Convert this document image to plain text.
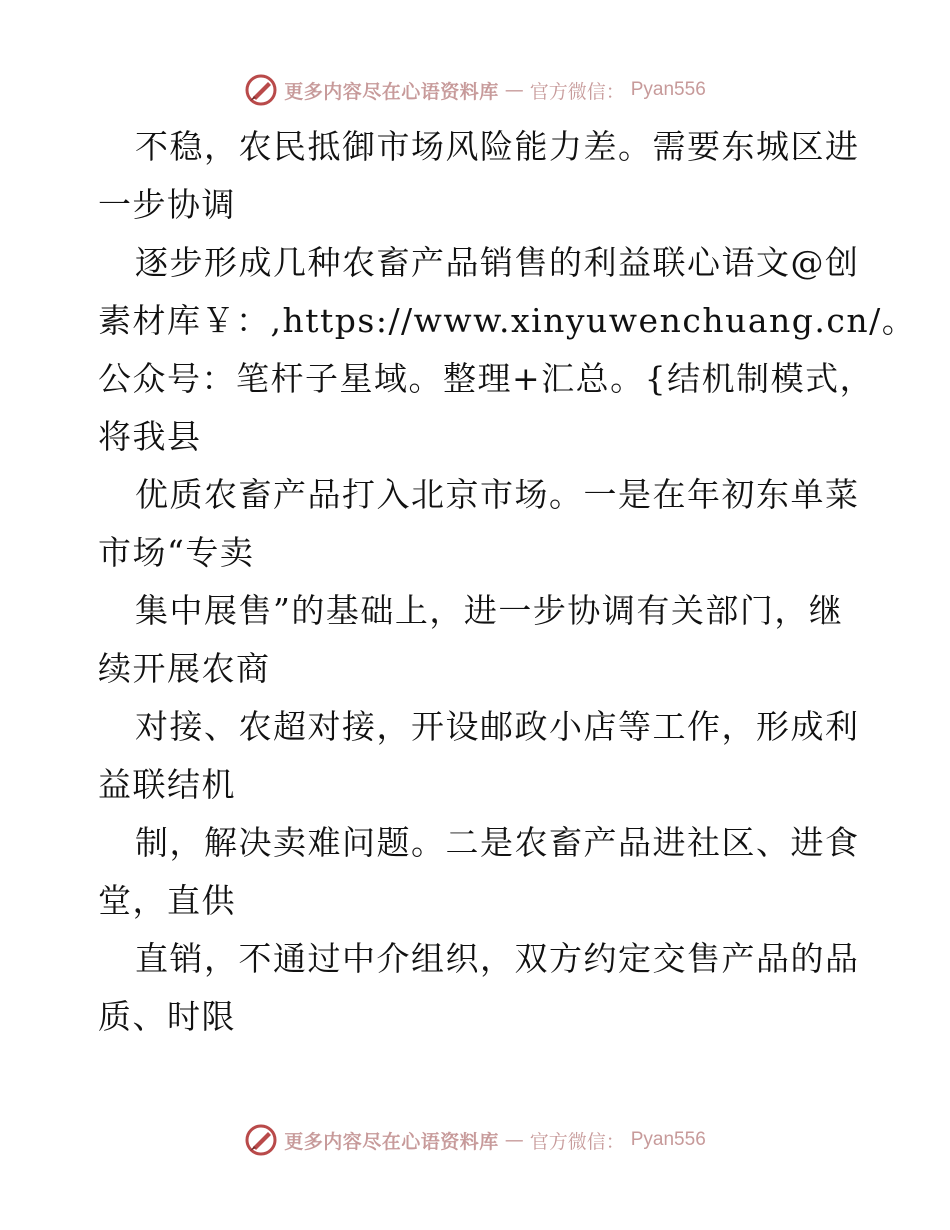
更多内容尽在心语资料库 — 官方微信： Pyan556
不稳，农民抵御市场风险能力差。需要东城区进
一步协调
逐步形成几种农畜产品销售的利益联心语文@创
素材库￥：,https://www.xinyuwenchuang.cn/。
公众号：笔杆子星域。整理+汇总。{结机制模式，
将我县
优质农畜产品打入北京市场。一是在年初东单菜
市场“专卖
集中展售”的基础上，进一步协调有关部门，继
续开展农商
对接、农超对接，开设邮政小店等工作，形成利
益联结机
制，解决卖难问题。二是农畜产品进社区、进食
堂，直供
直销，不通过中介组织，双方约定交售产品的品
质、时限
更多内容尽在心语资料库 — 官方微信： Pyan556
